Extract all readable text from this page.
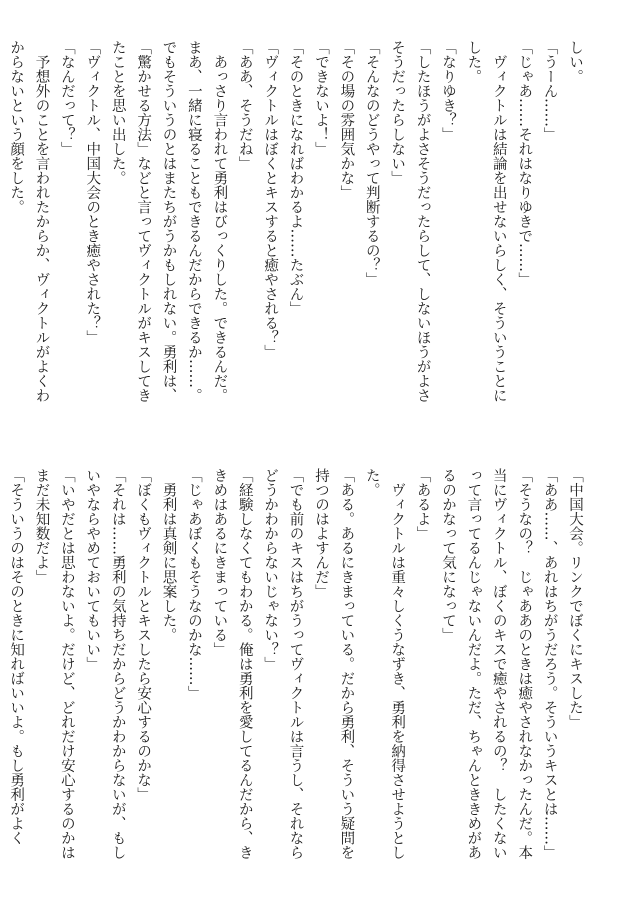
しい。

「うーん……」

「じゃあ……それはなりゆきで……」

　ヴィクトルは結論を出せないらしく、そういうことにした。

「なりゆき？」

「したほうがよさそうだったらして、しないほうがよさそうだったらしない」

「そんなのどうやって判断するの？」

「その場の雰囲気かな」

「できないよ！」

「そのときになればわかるよ……たぶん」

「ヴィクトルはぼくとキスすると癒やされる？」

「ああ、そうだね」

　あっさり言われて勇利はびっくりした。できるんだ。まあ、一緒に寝ることもできるんだからできるか……。でもそういうのとはまたちがうかもしれない。勇利は、「驚かせる方法」などと言ってヴィクトルがキスしてきたことを思い出した。

「ヴィクトル、中国大会のとき癒やされた？」

「なんだって？」

　予想外のことを言われたからか、ヴィクトルがよくわからないという顔をした。

「中国大会。リンクでぼくにキスした」

「ああ……、あれはちがうだろう。そういうキスとは……」

「そうなの？　じゃああのときは癒やされなかったんだ。本当にヴィクトル、ぼくのキスで癒やされるの？　したくないって言ってるんじゃないんだよ。ただ、ちゃんとききめがあるのかなって気になって」

「あるよ」

　ヴィクトルは重々しくうなずき、勇利を納得させようとした。

「ある。あるにきまっている。だから勇利、そういう疑問を持つのはよすんだ」

「でも前のキスはちがうってヴィクトルは言うし、それならどうかわからないじゃない？」

「経験しなくてもわかる。俺は勇利を愛してるんだから、ききめはあるにきまっている」

「じゃあぼくもそうなのかな……」

　勇利は真剣に思案した。

「ぼくもヴィクトルとキスしたら安心するのかな」

「それは……勇利の気持ちだからどうかわからないが、もしいやならやめておいてもいい」

「いやだとは思わないよ。だけど、どれだけ安心するのかはまだ未知数だよ」

「そういうのはそのときに知ればいいよ。もし勇利がよく
